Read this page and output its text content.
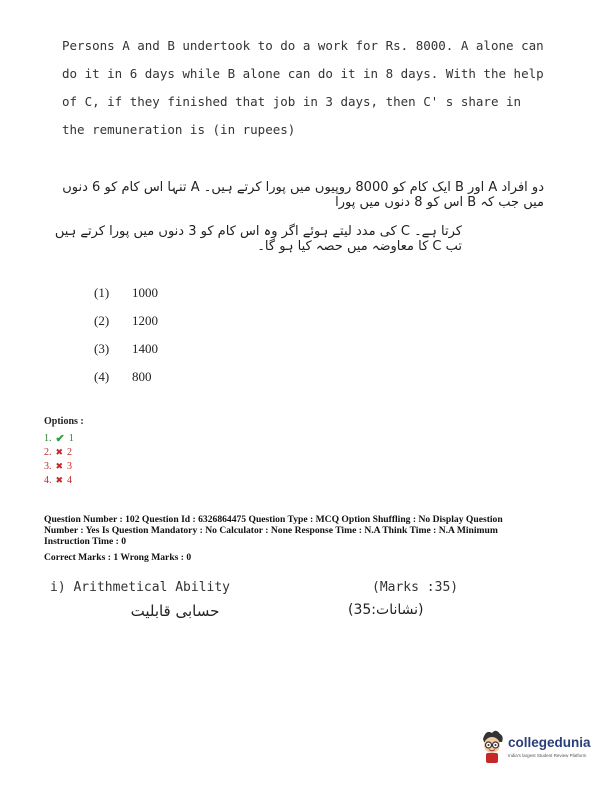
Persons A and B undertook to do a work for Rs. 8000. A alone can

do it in 6 days while B alone can do it in 8 days. With the help

of C, if they finished that job in 3 days, then C' s share in

the remuneration is (in rupees)

دو افراد A اور B ایک کام کو 8000 روپیوں میں پورا کرتے ہیں۔ A تنہا اس کام کو 6 دنوں میں جب کہ B اس کو 8 دنوں میں پورا
کرتا ہے۔ C کی مدد لیتے ہوئے اگر وہ اس کام کو 3 دنوں میں پورا کرتے ہیں تب C کا معاوضہ میں حصہ کیا ہو گا۔
(1)	1000
(2)	1200
(3)	1400
(4)	800
Options :
1. ✔ 1
2. ✖ 2
3. ✖ 3
4. ✖ 4

Question Number : 102 Question Id : 6326864475 Question Type : MCQ Option Shuffling : No Display Question

Number : Yes Is Question Mandatory : No Calculator : None Response Time : N.A Think Time : N.A Minimum

Instruction Time : 0

Correct Marks : 1 Wrong Marks : 0

i) Arithmetical Ability	(Marks :35)
حسابی قابلیت	(نشانات:35)
collegedunia
India's largest Student Review Platform
